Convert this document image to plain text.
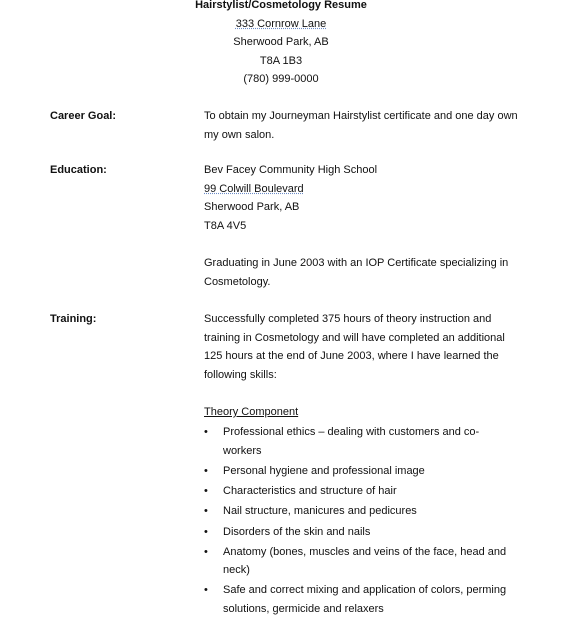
Hairstylist/Cosmetology Resume
333 Cornrow Lane
Sherwood Park, AB
T8A 1B3
(780) 999-0000
Career Goal:	To obtain my Journeyman Hairstylist certificate and one day own my own salon.

Education:	Bev Facey Community High School
99 Colwill Boulevard
Sherwood Park, AB
T8A 4V5

Graduating in June 2003 with an IOP Certificate specializing in Cosmetology.

Training:	Successfully completed 375 hours of theory instruction and training in Cosmetology and will have completed an additional 125 hours at the end of June 2003, where I have learned the following skills:

Theory Component
• Professional ethics – dealing with customers and co-workers
• Personal hygiene and professional image
• Characteristics and structure of hair
• Nail structure, manicures and pedicures
• Disorders of the skin and nails
• Anatomy (bones, muscles and veins of the face, head and neck)
• Safe and correct mixing and application of colors, perming solutions, germicide and relaxers
